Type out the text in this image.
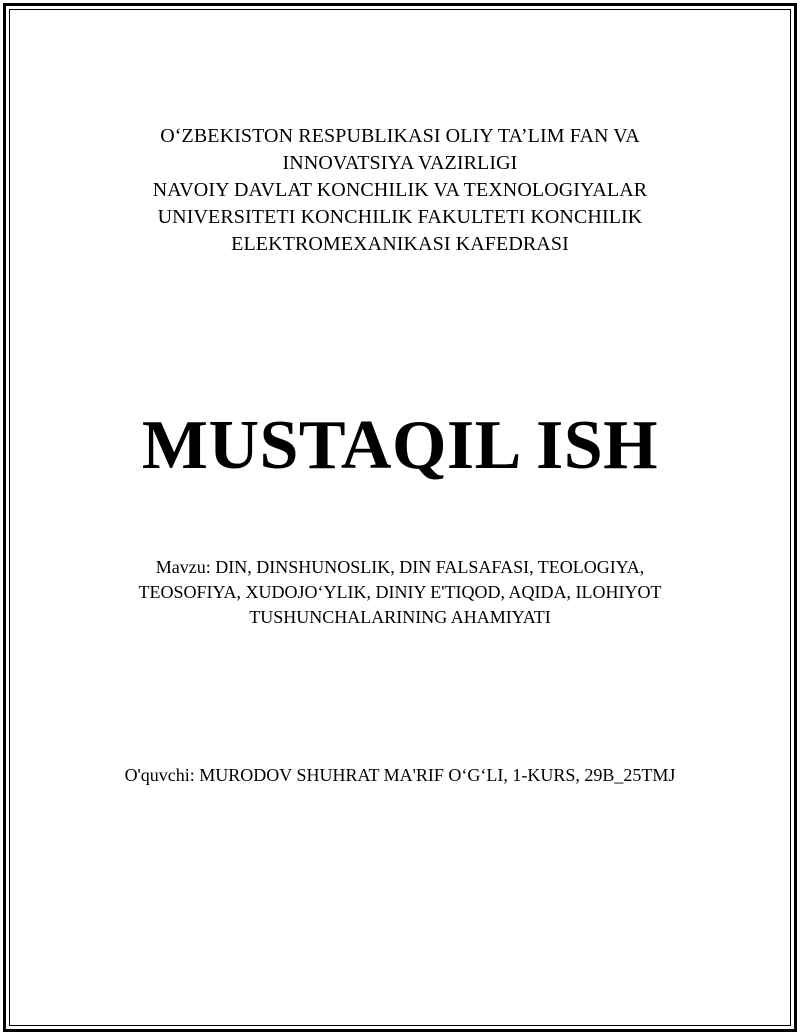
O‘ZBEKISTON RESPUBLIKASI OLIY TA’LIM FAN VA
INNOVATSIYA VAZIRLIGI
NAVOIY DAVLAT KONCHILIK VA TEXNOLOGIYALAR
UNIVERSITETI KONCHILIK FAKULTETI KONCHILIK
ELEKTROMEXANIKASI KAFEDRASI
MUSTAQIL ISH
Mavzu: DIN, DINSHUNOSLIK, DIN FALSAFASI, TEOLOGIYA,
TEOSOFIYA, XUDOJO‘YLIK, DINIY E'TIQOD, AQIDA, ILOHIYOT
TUSHUNCHALARINING AHAMIYATI
O'quvchi: MURODOV SHUHRAT MA'RIF O‘G‘LI, 1-KURS, 29B_25TMJ
